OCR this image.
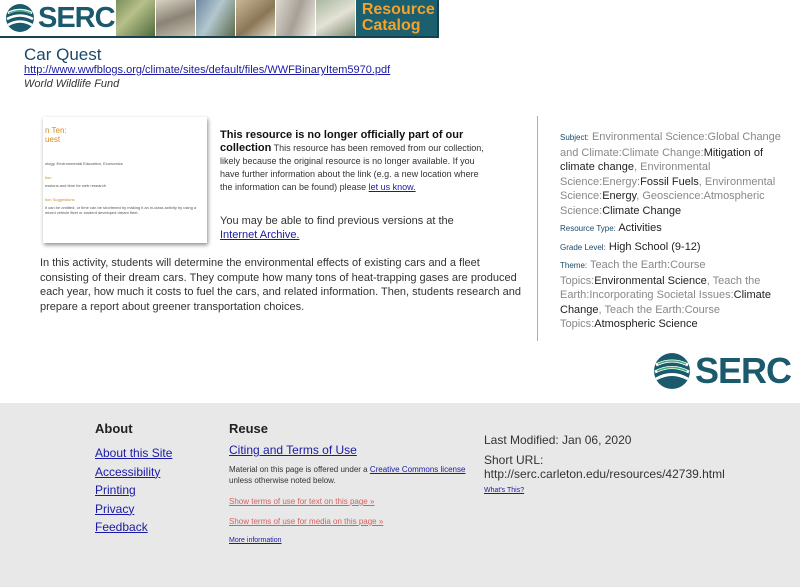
SERC	Resource
Catalog
Car Quest
http://www.wwfblogs.org/climate/sites/default/files/WWFBinaryItem5970.pdf
World Wildlife Fund
n Ten:
uest
ology, Environmental Education, Economics
tion
essions and time for web research
tion Suggestions
it can be omitted, or time can be shortened by making it an in-class activity by using a
mixed vehicle fleet or student developed dream fleet.
This resource is no longer officially part of our collection This resource has been removed from our collection, likely because the original resource is no longer available. If you have further information about the link (e.g. a new location where the information can be found) please let us know.
You may be able to find previous versions at the Internet Archive.
In this activity, students will determine the environmental effects of existing cars and a fleet consisting of their dream cars. They compute how many tons of heat-trapping gases are produced each year, how much it costs to fuel the cars, and related information. Then, students research and prepare a report about greener transportation choices.
Subject: Environmental Science:Global Change and Climate:Climate Change:Mitigation of climate change, Environmental Science:Energy:Fossil Fuels, Environmental Science:Energy, Geoscience:Atmospheric Science:Climate Change
Resource Type: Activities
Grade Level: High School (9-12)
Theme: Teach the Earth:Course Topics:Environmental Science, Teach the Earth:Incorporating Societal Issues:Climate Change, Teach the Earth:Course Topics:Atmospheric Science
SERC
About
About this Site
Accessibility
Printing
Privacy
Feedback
Reuse
Citing and Terms of Use
Material on this page is offered under a Creative Commons license unless otherwise noted below.
Show terms of use for text on this page »
Show terms of use for media on this page »
More information
Last Modified: Jan 06, 2020
Short URL: http://serc.carleton.edu/resources/42739.html
What's This?
